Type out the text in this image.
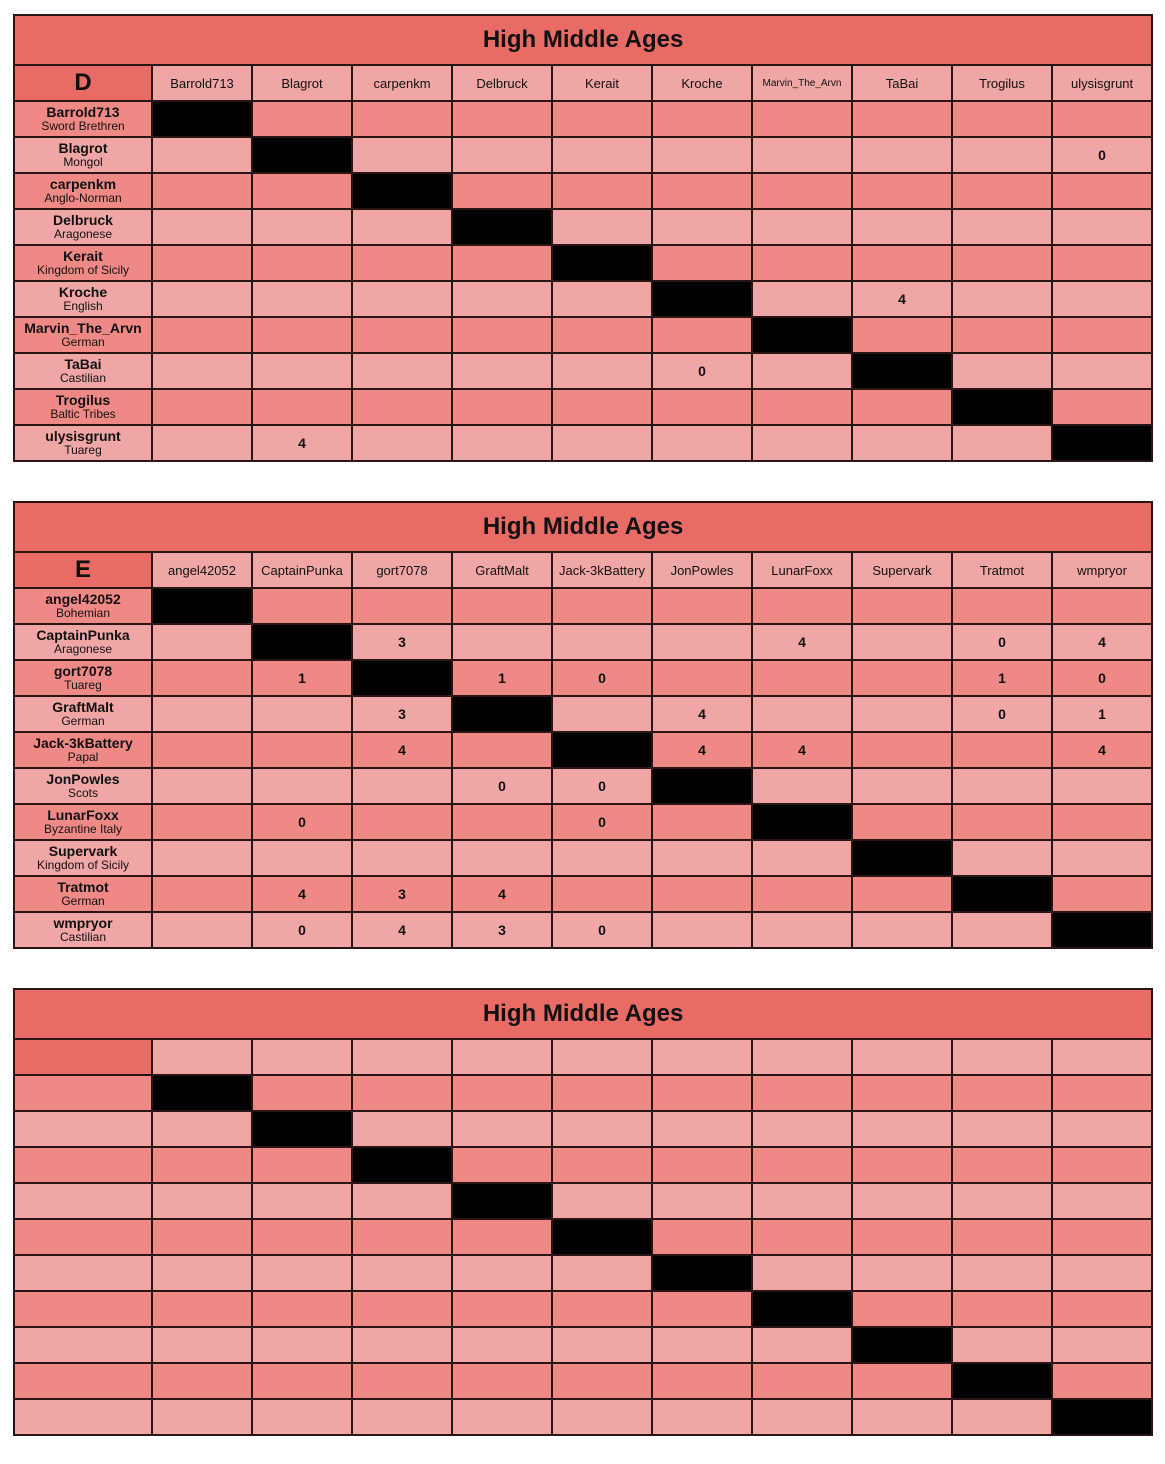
High Middle Ages										
D	Barrold713	Blagrot	carpenkm	Delbruck	Kerait	Kroche	Marvin_The_Arvn	TaBai	Trogilus	ulysisgrunt

Barrold713
Sword Brethren										

Blagrot
Mongol										0

carpenkm
Anglo-Norman										

Delbruck
Aragonese										

Kerait
Kingdom of Sicily										

Kroche
English								4		

Marvin_The_Arvn
German										

TaBai
Castilian						0				

Trogilus
Baltic Tribes										

ulysisgrunt
Tuareg		4								
High Middle Ages										
E	angel42052	CaptainPunka	gort7078	GraftMalt	Jack-3kBattery	JonPowles	LunarFoxx	Supervark	Tratmot	wmpryor

angel42052
Bohemian										

CaptainPunka
Aragonese			3				4		0	4

gort7078
Tuareg		1		1	0				1	0

GraftMalt
German			3			4			0	1

Jack-3kBattery
Papal			4			4	4			4

JonPowles
Scots				0	0					

LunarFoxx
Byzantine Italy		0			0					

Supervark
Kingdom of Sicily										

Tratmot
German		4	3	4						

wmpryor
Castilian		0	4	3	0					
High Middle Ages										
